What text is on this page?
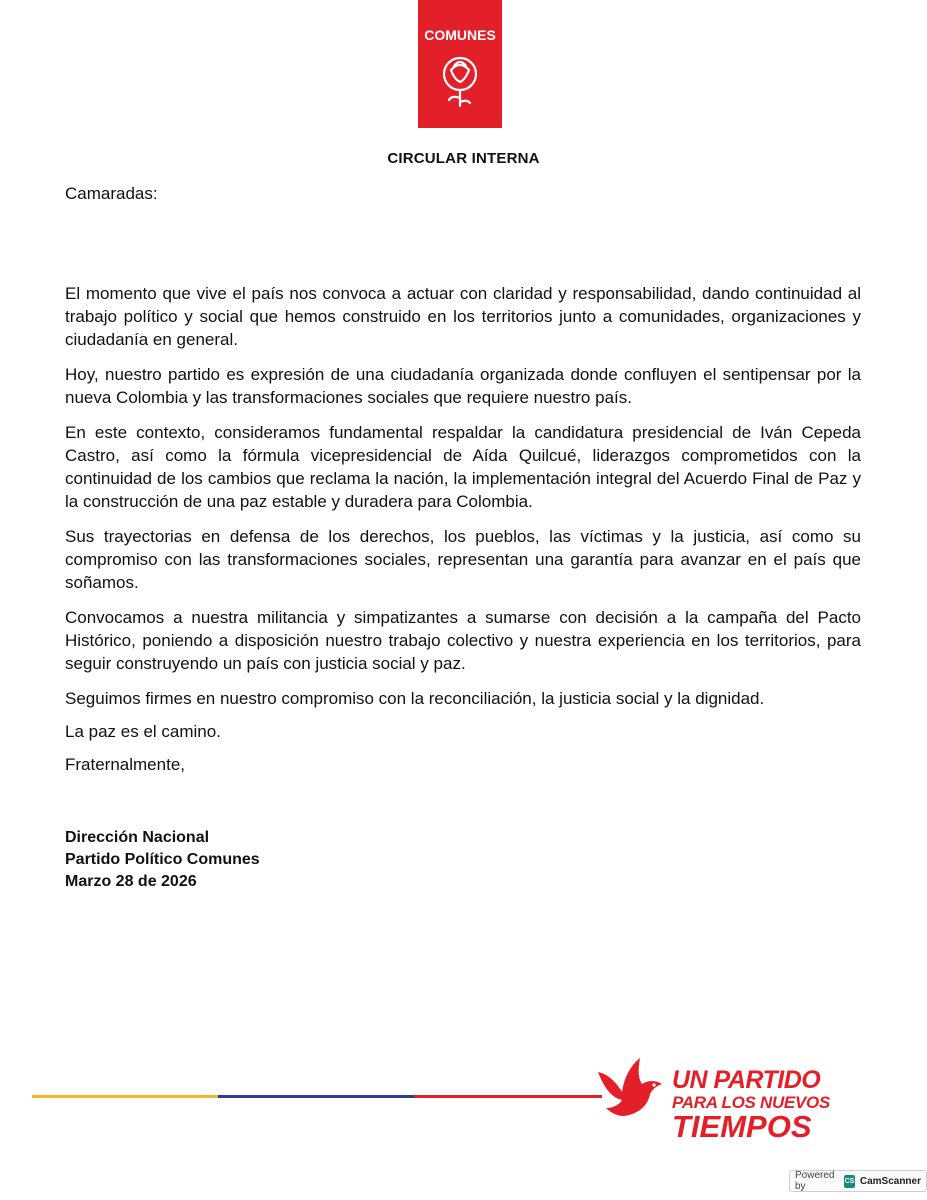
COMUNES
CIRCULAR INTERNA
Camaradas:

El momento que vive el país nos convoca a actuar con claridad y responsabilidad, dando continuidad al trabajo político y social que hemos construido en los territorios junto a comunidades, organizaciones y ciudadanía en general.

Hoy, nuestro partido es expresión de una ciudadanía organizada donde confluyen el sentipensar por la nueva Colombia y las transformaciones sociales que requiere nuestro país.

En este contexto, consideramos fundamental respaldar la candidatura presidencial de Iván Cepeda Castro, así como la fórmula vicepresidencial de Aída Quilcué, liderazgos comprometidos con la continuidad de los cambios que reclama la nación, la implementación integral del Acuerdo Final de Paz y la construcción de una paz estable y duradera para Colombia.

Sus trayectorias en defensa de los derechos, los pueblos, las víctimas y la justicia, así como su compromiso con las transformaciones sociales, representan una garantía para avanzar en el país que soñamos.

Convocamos a nuestra militancia y simpatizantes a sumarse con decisión a la campaña del Pacto Histórico, poniendo a disposición nuestro trabajo colectivo y nuestra experiencia en los territorios, para seguir construyendo un país con justicia social y paz.

Seguimos firmes en nuestro compromiso con la reconciliación, la justicia social y la dignidad.

La paz es el camino.

Fraternalmente,

Dirección Nacional
Partido Político Comunes
Marzo 28 de 2026
UN PARTIDO
PARA LOS NUEVOS
TIEMPOS
Powered by	CS CamScanner
